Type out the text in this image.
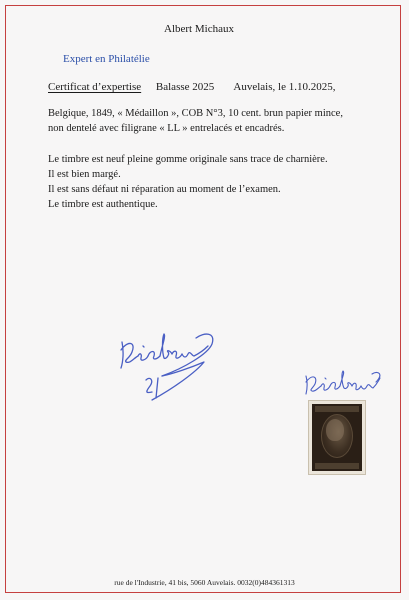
Albert Michaux
Expert en Philatélie
Certificat d’expertise Balasse 2025 Auvelais, le 1.10.2025,
Belgique, 1849, « Médaillon », COB N°3, 10 cent. brun papier mince,
non dentelé avec filigrane « LL » entrelacés et encadrés.
Le timbre est neuf pleine gomme originale sans trace de charnière.
Il est bien margé.
Il est sans défaut ni réparation au moment de l’examen.
Le timbre est authentique.
rue de l'Industrie, 41 bis, 5060 Auvelais. 0032(0)484361313
